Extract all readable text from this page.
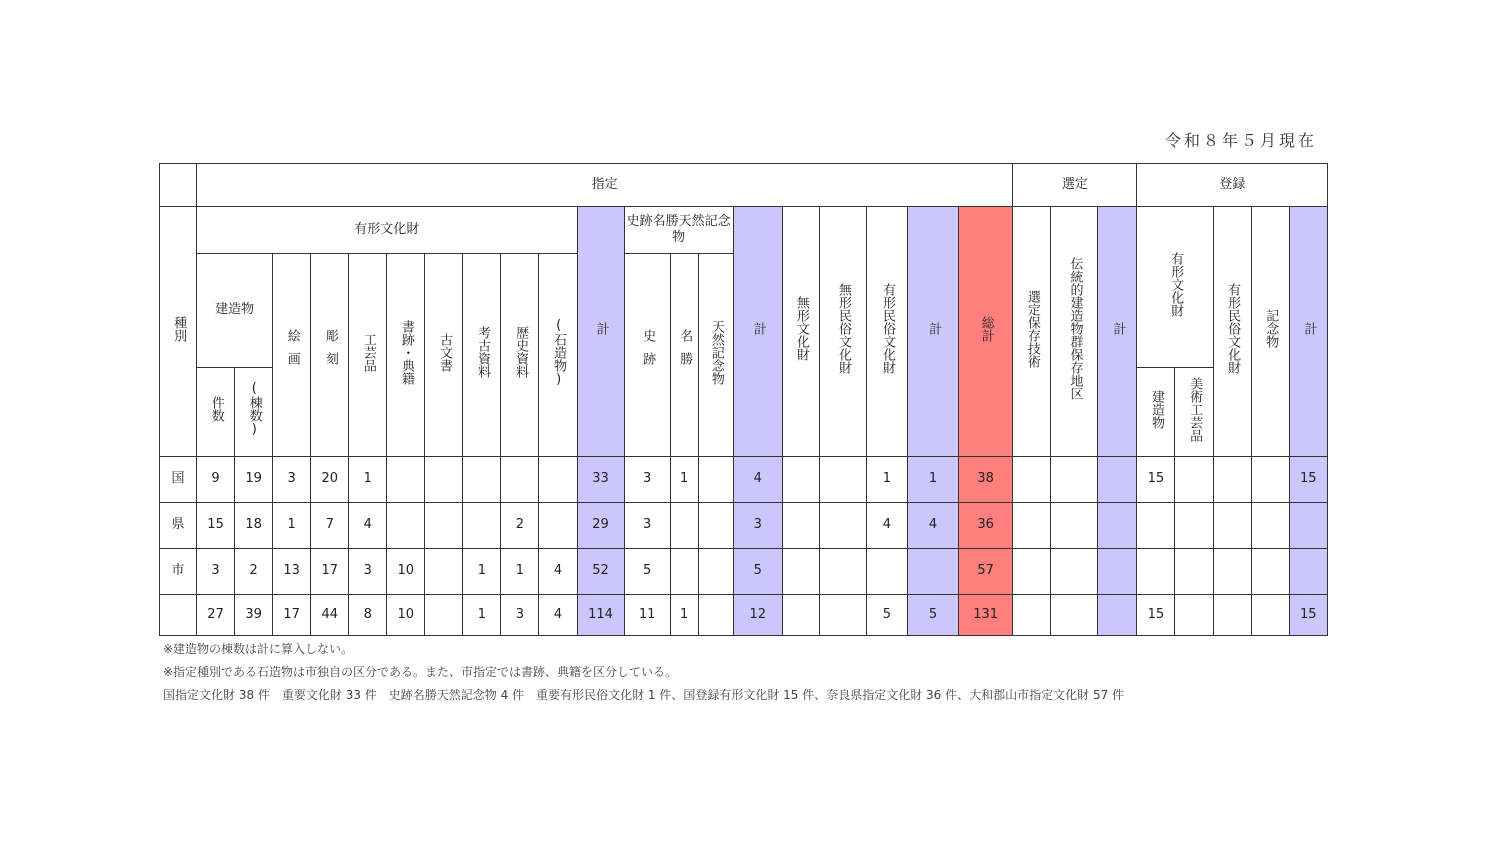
令和８年５月現在
	指定																				選定			登録				
種別	有形文化財										計	史跡名勝天然記念物			計	無形文化財	無形民俗文化財	有形民俗文化財	計	総計	選定保存技術	伝統的建造物群保存地区	計	有形文化財		有形民俗文化財	記念物	計
	建造物		絵画	彫刻	工芸品	書跡・典籍	古文書	考古資料	歴史資料	(石造物)		史跡	名勝	天然記念物														
	件数	(棟数)																						建造物	美術工芸品			
国	9	19	3	20	1						33	3	1		4			1	1	38				15				15
県	15	18	1	7	4				2		29	3			3			4	4	36								
市	3	2	13	17	3	10		1	1	4	52	5			5					57								
	27	39	17	44	8	10		1	3	4	114	11	1		12			5	5	131				15				15
※建造物の棟数は計に算入しない。
※指定種別である石造物は市独自の区分である。また、市指定では書跡、典籍を区分している。
国指定文化財 38 件　重要文化財 33 件　史跡名勝天然記念物 4 件　重要有形民俗文化財 1 件、国登録有形文化財 15 件、奈良県指定文化財 36 件、大和郡山市指定文化財 57 件
